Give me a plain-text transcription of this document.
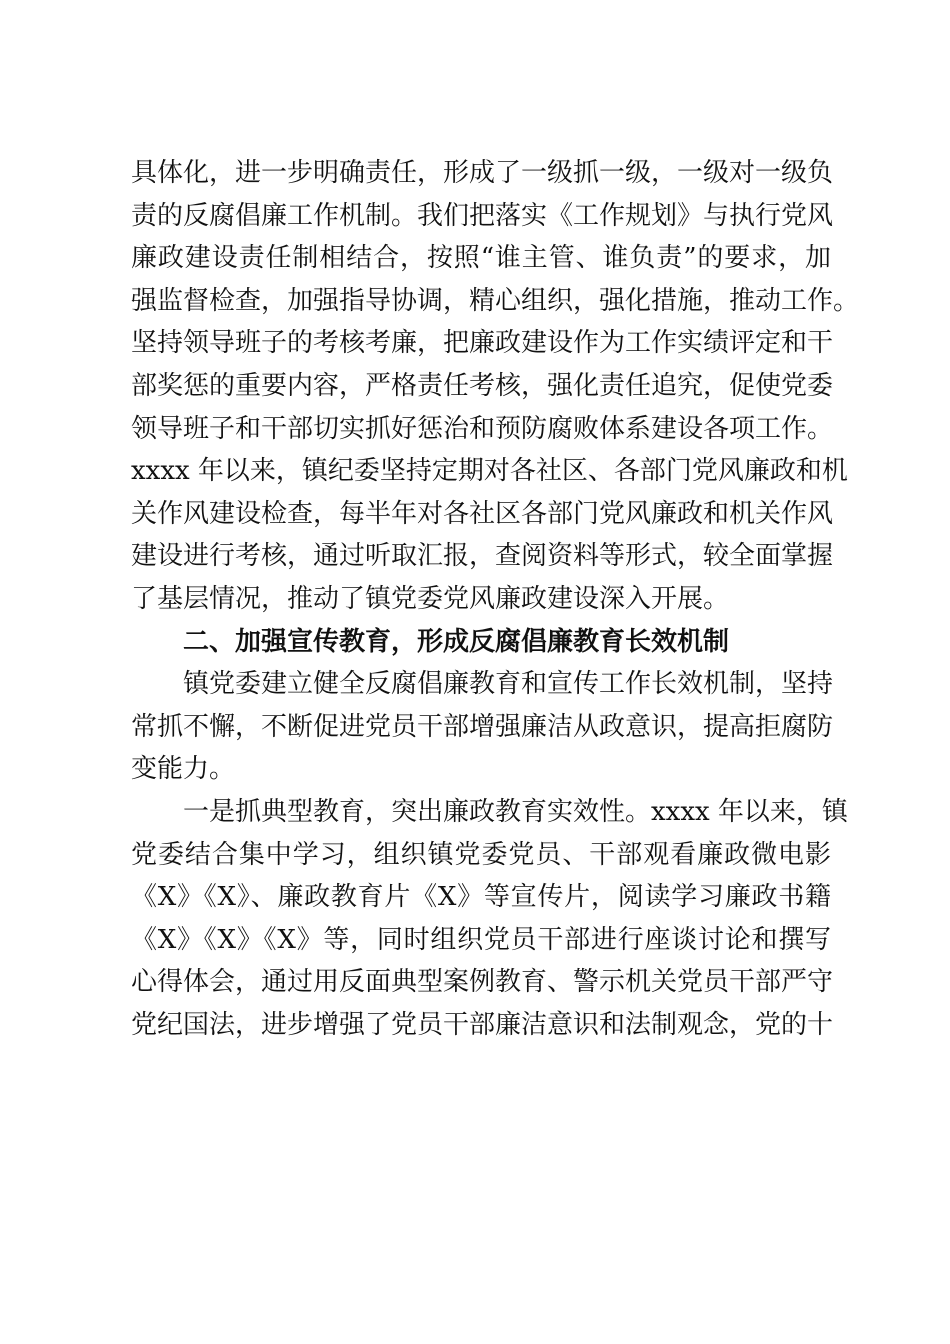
具体化，进一步明确责任，形成了一级抓一级，一级对一级负
责的反腐倡廉工作机制。我们把落实《工作规划》与执行党风
廉政建设责任制相结合，按照“谁主管、谁负责”的要求，加
强监督检查，加强指导协调，精心组织，强化措施，推动工作。
坚持领导班子的考核考廉，把廉政建设作为工作实绩评定和干
部奖惩的重要内容，严格责任考核，强化责任追究，促使党委
领导班子和干部切实抓好惩治和预防腐败体系建设各项工作。
xxxx 年以来，镇纪委坚持定期对各社区、各部门党风廉政和机
关作风建设检查，每半年对各社区各部门党风廉政和机关作风
建设进行考核，通过听取汇报，查阅资料等形式，较全面掌握
了基层情况，推动了镇党委党风廉政建设深入开展。
二、加强宣传教育，形成反腐倡廉教育长效机制
镇党委建立健全反腐倡廉教育和宣传工作长效机制，坚持
常抓不懈，不断促进党员干部增强廉洁从政意识，提高拒腐防
变能力。
一是抓典型教育，突出廉政教育实效性。xxxx 年以来，镇
党委结合集中学习，组织镇党委党员、干部观看廉政微电影
《X》《X》、廉政教育片《X》等宣传片，阅读学习廉政书籍
《X》《X》《X》等，同时组织党员干部进行座谈讨论和撰写
心得体会，通过用反面典型案例教育、警示机关党员干部严守
党纪国法，进步增强了党员干部廉洁意识和法制观念，党的十
